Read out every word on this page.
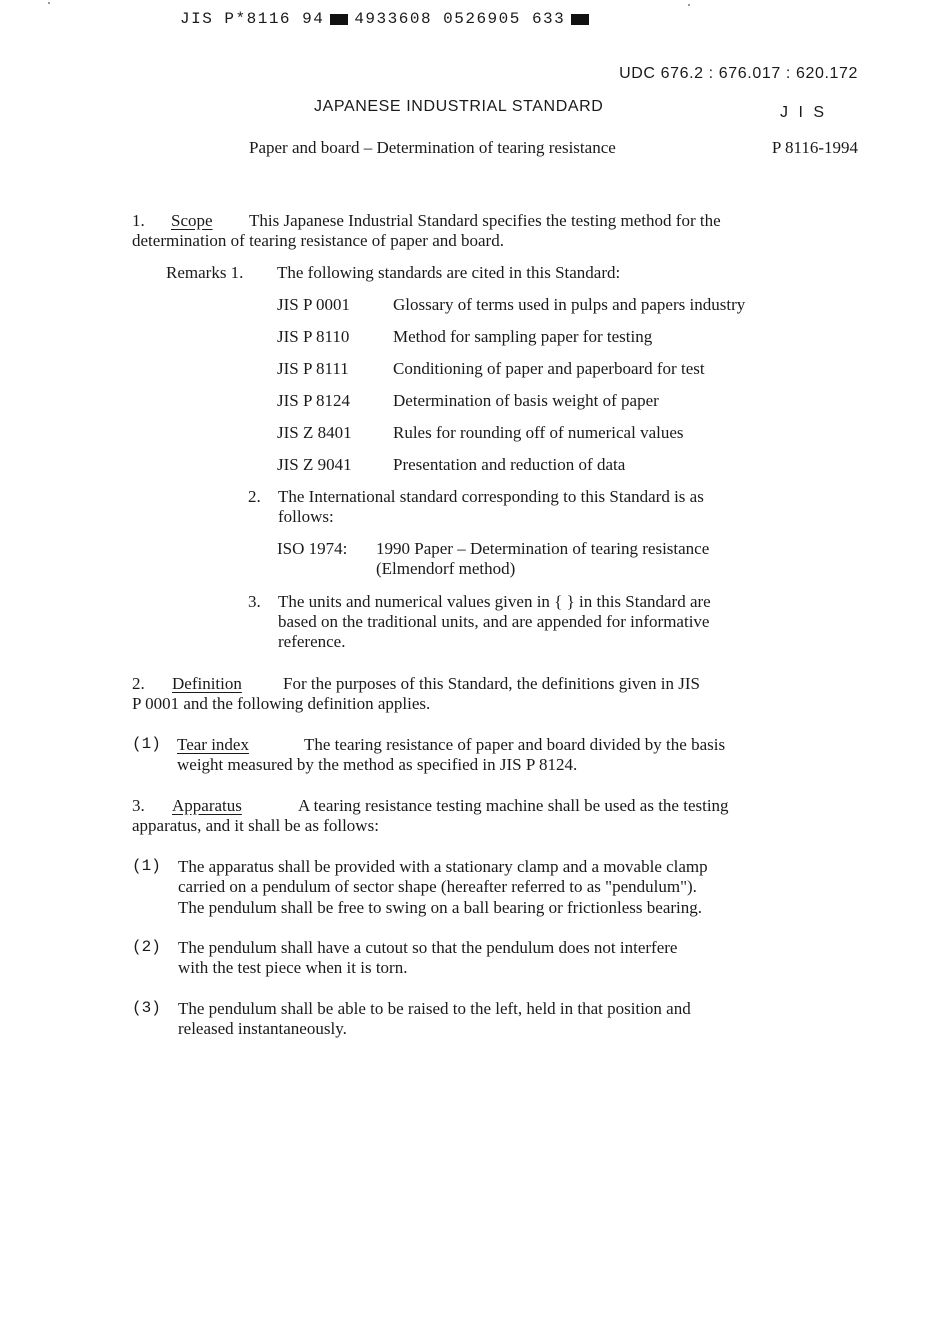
JIS P*8116 94 4933608 0526905 633
UDC 676.2 : 676.017 : 620.172
JAPANESE INDUSTRIAL STANDARD	J I S
Paper and board – Determination of tearing resistance	P 8116-1994
1. Scope This Japanese Industrial Standard specifies the testing method for the
determination of tearing resistance of paper and board.
Remarks 1. The following standards are cited in this Standard:
JIS P 0001	Glossary of terms used in pulps and papers industry
JIS P 8110	Method for sampling paper for testing
JIS P 8111	Conditioning of paper and paperboard for test
JIS P 8124	Determination of basis weight of paper
JIS Z 8401 Rules for rounding off of numerical values
JIS Z 9041 Presentation and reduction of data
2. The International standard corresponding to this Standard is as
follows:
ISO 1974: 1990 Paper – Determination of tearing resistance
(Elmendorf method)
3. The units and numerical values given in { } in this Standard are
based on the traditional units, and are appended for informative
reference.
2. Definition For the purposes of this Standard, the definitions given in JIS
P 0001 and the following definition applies.
(1) Tear index	The tearing resistance of paper and board divided by the basis
weight measured by the method as specified in JIS P 8124.
3. Apparatus	A tearing resistance testing machine shall be used as the testing
apparatus, and it shall be as follows:
(1) The apparatus shall be provided with a stationary clamp and a movable clamp
carried on a pendulum of sector shape (hereafter referred to as "pendulum").
The pendulum shall be free to swing on a ball bearing or frictionless bearing.
(2) The pendulum shall have a cutout so that the pendulum does not interfere
with the test piece when it is torn.
(3) The pendulum shall be able to be raised to the left, held in that position and
released instantaneously.
